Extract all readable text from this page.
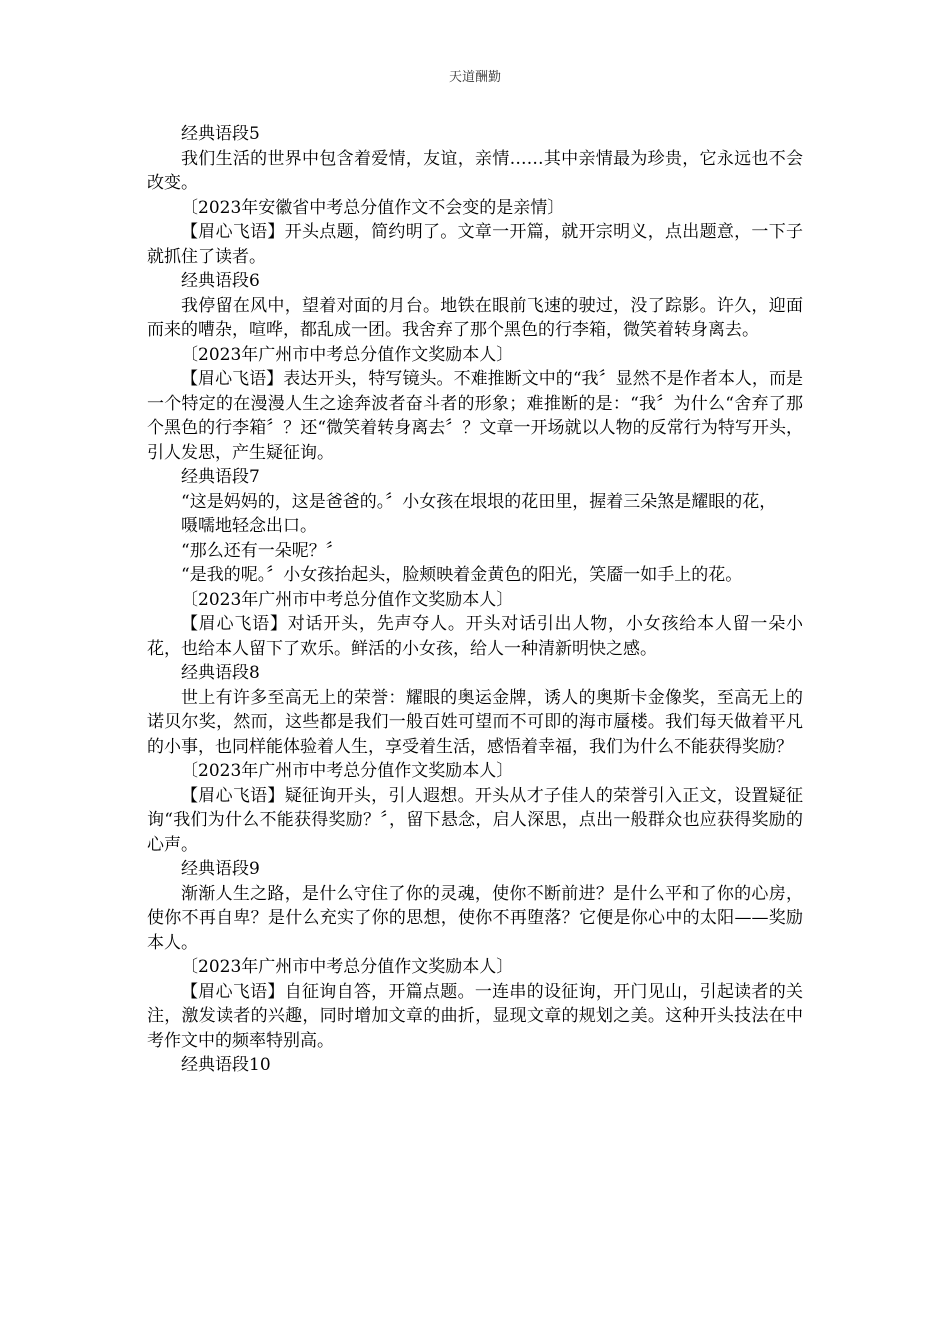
天道酬勤

经典语段5

我们生活的世界中包含着爱情，友谊，亲情……其中亲情最为珍贵，它永远也不会改变。

〔2023年安徽省中考总分值作文不会变的是亲情〕

【眉心飞语】开头点题，简约明了。文章一开篇，就开宗明义，点出题意，一下子就抓住了读者。

经典语段6

我停留在风中，望着对面的月台。地铁在眼前飞速的驶过，没了踪影。许久，迎面而来的嘈杂，喧哗，都乱成一团。我舍弃了那个黑色的行李箱，微笑着转身离去。

〔2023年广州市中考总分值作文奖励本人〕

【眉心飞语】表达开头，特写镜头。不难推断文中的“我〞显然不是作者本人，而是一个特定的在漫漫人生之途奔波者奋斗者的形象；难推断的是：“我〞为什么“舍弃了那个黑色的行李箱〞？还“微笑着转身离去〞？文章一开场就以人物的反常行为特写开头，引人发思，产生疑征询。

经典语段7

“这是妈妈的，这是爸爸的。〞小女孩在垠垠的花田里，握着三朵煞是耀眼的花，

嗫嚅地轻念出口。

“那么还有一朵呢？〞

“是我的呢。〞小女孩抬起头，脸颊映着金黄色的阳光，笑靥一如手上的花。

〔2023年广州市中考总分值作文奖励本人〕

【眉心飞语】对话开头，先声夺人。开头对话引出人物，小女孩给本人留一朵小花，也给本人留下了欢乐。鲜活的小女孩，给人一种清新明快之感。

经典语段8

世上有许多至高无上的荣誉：耀眼的奥运金牌，诱人的奥斯卡金像奖，至高无上的诺贝尔奖，然而，这些都是我们一般百姓可望而不可即的海市蜃楼。我们每天做着平凡的小事，也同样能体验着人生，享受着生活，感悟着幸福，我们为什么不能获得奖励？

〔2023年广州市中考总分值作文奖励本人〕

【眉心飞语】疑征询开头，引人遐想。开头从才子佳人的荣誉引入正文，设置疑征询“我们为什么不能获得奖励？〞，留下悬念，启人深思，点出一般群众也应获得奖励的心声。

经典语段9

渐渐人生之路，是什么守住了你的灵魂，使你不断前进？是什么平和了你的心房，使你不再自卑？是什么充实了你的思想，使你不再堕落？它便是你心中的太阳——奖励本人。

〔2023年广州市中考总分值作文奖励本人〕

【眉心飞语】自征询自答，开篇点题。一连串的设征询，开门见山，引起读者的关注，激发读者的兴趣，同时增加文章的曲折，显现文章的规划之美。这种开头技法在中考作文中的频率特别高。

经典语段10
